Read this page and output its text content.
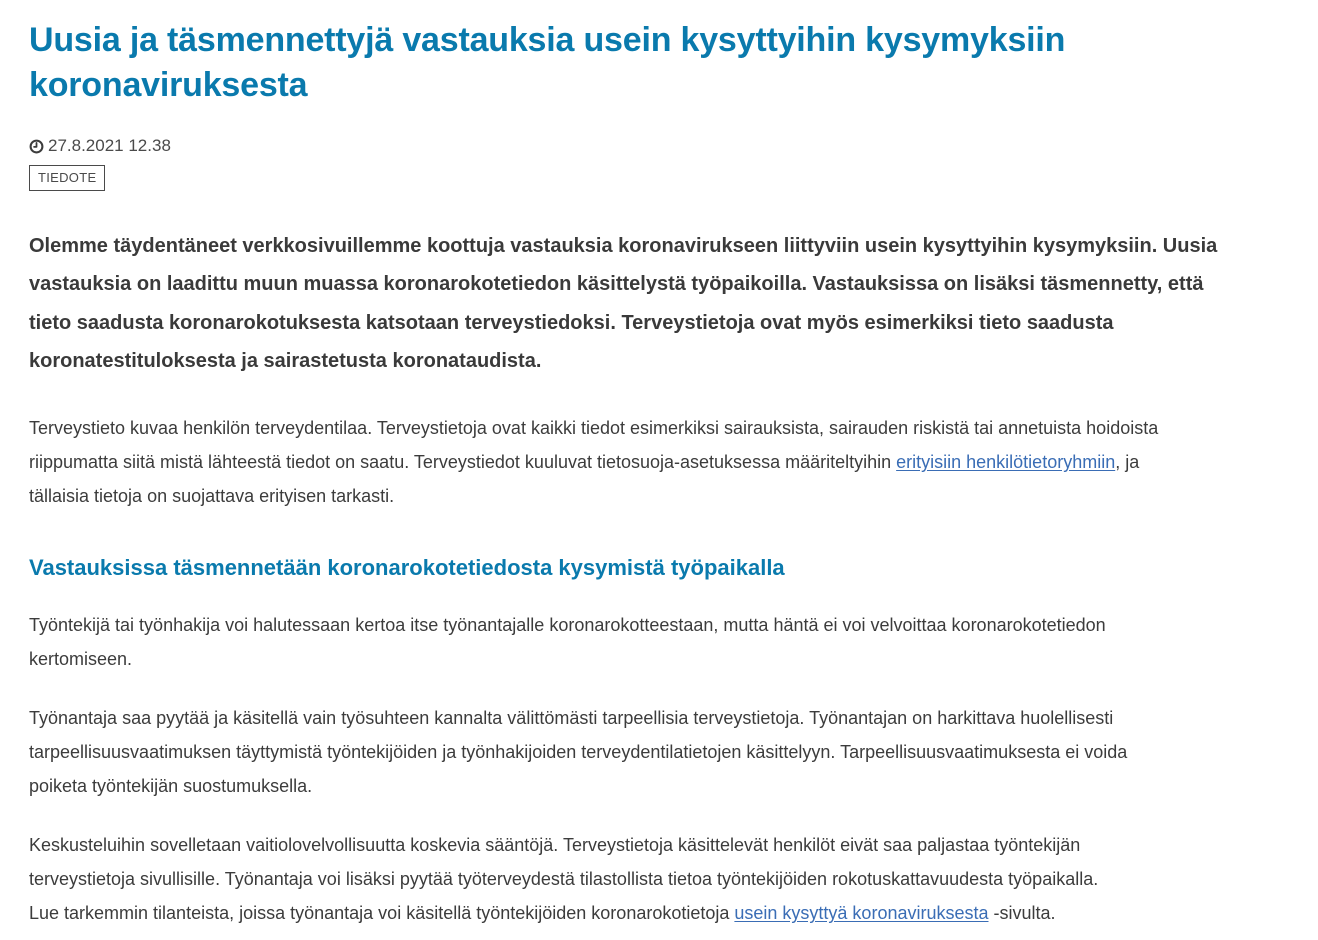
Uusia ja täsmennettyjä vastauksia usein kysyttyihin kysymyksiin
koronaviruksesta
27.8.2021 12.38
TIEDOTE

Olemme täydentäneet verkkosivuillemme koottuja vastauksia koronavirukseen liittyviin usein kysyttyihin kysymyksiin. Uusia
vastauksia on laadittu muun muassa koronarokotetiedon käsittelystä työpaikoilla. Vastauksissa on lisäksi täsmennetty, että
tieto saadusta koronarokotuksesta katsotaan terveystiedoksi. Terveystietoja ovat myös esimerkiksi tieto saadusta
koronatestituloksesta ja sairastetusta koronataudista.

Terveystieto kuvaa henkilön terveydentilaa. Terveystietoja ovat kaikki tiedot esimerkiksi sairauksista, sairauden riskistä tai annetuista hoidoista
riippumatta siitä mistä lähteestä tiedot on saatu. Terveystiedot kuuluvat tietosuoja-asetuksessa määriteltyihin erityisiin henkilötietoryhmiin, ja
tällaisia tietoja on suojattava erityisen tarkasti.

Vastauksissa täsmennetään koronarokotetiedosta kysymistä työpaikalla

Työntekijä tai työnhakija voi halutessaan kertoa itse työnantajalle koronarokotteestaan, mutta häntä ei voi velvoittaa koronarokotetiedon
kertomiseen.

Työnantaja saa pyytää ja käsitellä vain työsuhteen kannalta välittömästi tarpeellisia terveystietoja. Työnantajan on harkittava huolellisesti
tarpeellisuusvaatimuksen täyttymistä työntekijöiden ja työnhakijoiden terveydentilatietojen käsittelyyn. Tarpeellisuusvaatimuksesta ei voida
poiketa työntekijän suostumuksella.

Keskusteluihin sovelletaan vaitiolovelvollisuutta koskevia sääntöjä. Terveystietoja käsittelevät henkilöt eivät saa paljastaa työntekijän
terveystietoja sivullisille. Työnantaja voi lisäksi pyytää työterveydestä tilastollista tietoa työntekijöiden rokotuskattavuudesta työpaikalla.
Lue tarkemmin tilanteista, joissa työnantaja voi käsitellä työntekijöiden koronarokotietoja usein kysyttyä koronaviruksesta -sivulta.
